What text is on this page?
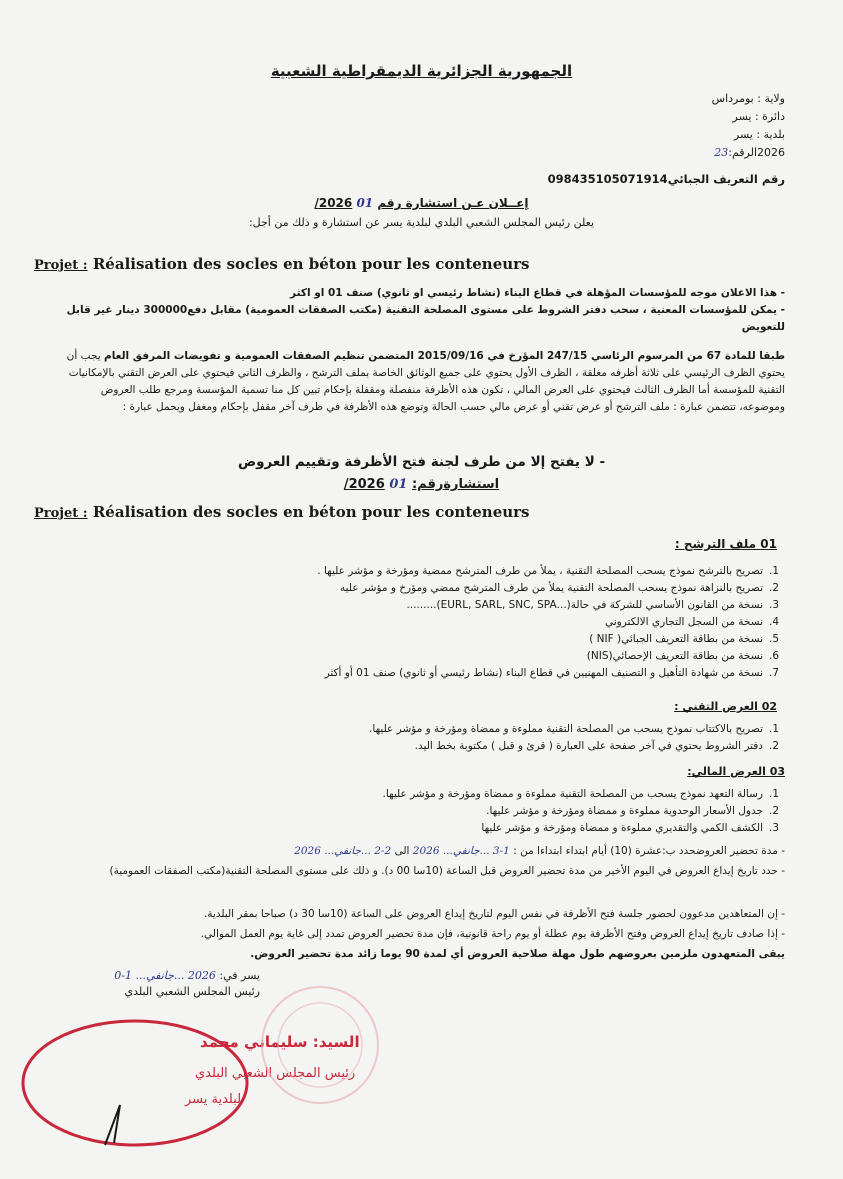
الجمهورية الجزائرية الديمقراطية الشعبية
ولاية : بومرداس
دائرة : يسر
بلدية : يسر
2026الرقم:23
رقم التعريف الجبائي098435105071914
إعــلان عـن استشارة رقم 01 2026/
يعلن رئيس المجلس الشعبي البلدي لبلدية يسر عن استشارة و ذلك من أجل:
Projet : Réalisation des socles en béton pour les conteneurs
- هذا الاعلان موجه للمؤسسات المؤهلة في قطاع البناء (نشاط رئيسي او ثانوي) صنف 01 او اكثر
- يمكن للمؤسسات المعنية ، سحب دفتر الشروط على مستوى المصلحة التقنية (مكتب الصفقات العمومية) مقابل دفع300000 دينار غير قابل للتعويض
طبقا للمادة 67 من المرسوم الرئاسي 247/15 المؤرخ في 2015/09/16 المتضمن تنظيم الصفقات العمومية و تفويضات المرفق العام يجب أن يحتوي الظرف الرئيسي على ثلاثة أظرفه مغلقة ، الظرف الأول يحتوي على جميع الوثائق الخاصة بملف الترشح ، والظرف الثاني فيحتوي على العرض التقني بالإمكانيات التقنية للمؤسسة أما الظرف الثالث فيحتوي على العرض المالي ، تكون هذه الأظرفة منفصلة ومقفلة بإحكام تبين كل منا تسمية المؤسسة ومرجع طلب العروض وموضوعه، تتضمن عبارة : ملف الترشح أو عرض تقني أو عرض مالي حسب الحالة وتوضع هذه الأظرفة في ظرف آخر مقفل بإحكام ومغفل ويحمل عبارة :
- لا يفتح إلا من طرف لجنة فتح الأظرفة وتقييم العروض
استشارةرقم: 01 2026/
Projet : Réalisation des socles en béton pour les conteneurs
01 ملف الترشح :
1.
تصريح بالترشح نموذج يسحب المصلحة التقنية ، يملأ من طرف المترشح ممضية ومؤرخة و مؤشر عليها .
2.
تصريح بالنزاهة نموذج يسحب المصلحة التقنية يملأ من طرف المترشح ممضي ومؤرخ و مؤشر عليه
3.
نسخة من القانون الأساسي للشركة في حالة(...EURL, SARL, SNC, SPA).........
4.
نسخة من السجل التجاري الالكتروني
5.
نسخة من بطاقة التعريف الجبائي( NIF )
6.
نسخة من بطاقة التعريف الإحصائي(NIS)
7.
نسخة من شهادة التأهيل و التصنيف المهنيين في قطاع البناء (نشاط رئيسي أو ثانوي) صنف 01 أو أكثر
02 العرض التقني :
1.
تصريح بالاكتتاب نموذج يسحب من المصلحة التقنية مملوءة و ممضاة ومؤرخة و مؤشر عليها.
2.
دفتر الشروط يحتوي في آخر صفحة على العبارة ( قرئ و قبل ) مكتوبة بخط اليد.
03 العرض المالي:
1.
رسالة التعهد نموذج يسحب من المصلحة التقنية مملوءة و ممضاة ومؤرخة و مؤشر عليها.
2.
جدول الأسعار الوحدوية مملوءة و ممضاة ومؤرخة و مؤشر عليها.
3.
الكشف الكمي والتقديري مملوءة و ممضاة ومؤرخة و مؤشر عليها
- مدة تحضير العروضحدد ب:عشرة (10) أيام ابتداء ابتداءا من : 1-3 ...جانفي... 2026 الى 2-2 ...جانفي... 2026
- حدد تاريخ إيداع العروض في اليوم الأخير من مدة تحضير العروض قبل الساعة (10سا 00 د). و ذلك على مستوى المصلحة التقنية(مكتب الصفقات العمومية)
- إن المتعاهدين مدعوون لحضور جلسة فتح الأظرفة في نفس اليوم لتاريخ إيداع العروض على الساعة (10سا 30 د) صباحا بمقر البلدية.
- إذا صادف تاريخ إيداع العروض وفتح الأظرفة يوم عطلة أو يوم راحة قانونية، فإن مدة تحضير العروض تمدد إلى غاية يوم العمل الموالي.
يبقى المتعهدون ملزمين بعروضهم طول مهلة صلاحية العروض أي لمدة 90 يوما زائد مدة تحضير العروض.
يسر في: 2026 ...جانفي... 1-0
رئيس المجلس الشعبي البلدي
السيد: سليماني محمد
رئيس المجلس الشعبي البلدي
لبلدية يسر
